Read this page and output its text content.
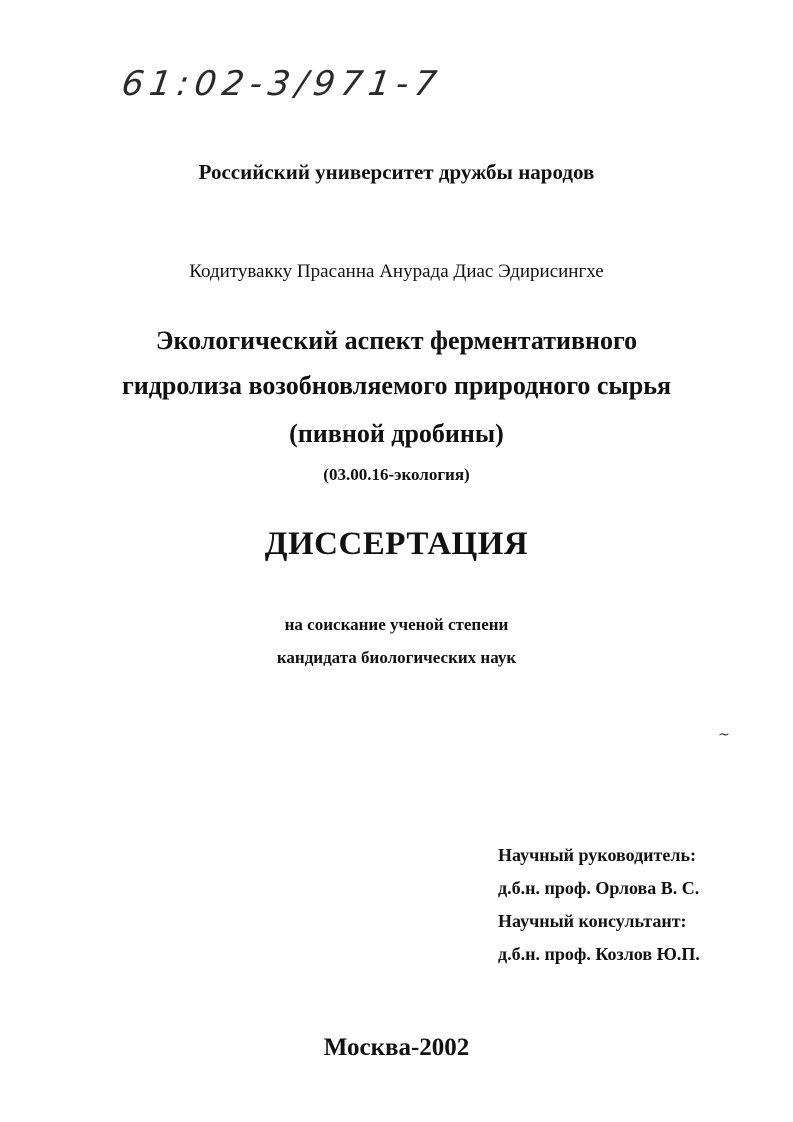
61:02-3/971-7
Российский университет дружбы народов
Кодитувакку Прасанна Анурада Диас Эдирисингхе
Экологический аспект ферментативного
гидролиза возобновляемого природного сырья
(пивной дробины)
(03.00.16-экология)
ДИССЕРТАЦИЯ
на соискание ученой степени
кандидата биологических наук
~
Научный руководитель:
д.б.н. проф. Орлова В. С.
Научный консультант:
д.б.н. проф. Козлов Ю.П.
Москва-2002
